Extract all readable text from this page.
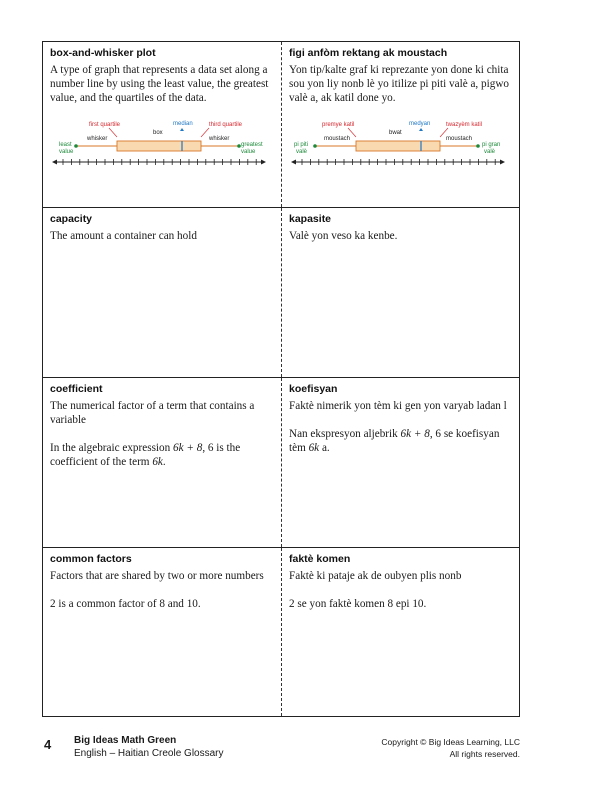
box-and-whisker plot

A type of graph that represents a data set along a number line by using the least value, the greatest value, and the quartiles of the data.

first quartile	median	third quartile
box
whisker	whisker
least
value
greatest
value

figi anfòm rektang ak moustach

Yon tip/kalte graf ki reprezante yon done ki chita sou yon liy nonb lè yo itilize pi piti valè a, pigwo valè a, ak katil done yo.

premye katil	medyan	twazyèm katil
bwat
moustach	moustach
pi piti
valè
pi gran
valè

capacity

The amount a container can hold

kapasite

Valè yon veso ka kenbe.

coefficient

The numerical factor of a term that contains a variable

In the algebraic expression 6k + 8, 6 is the coefficient of the term 6k.

koefisyan

Faktè nimerik yon tèm ki gen yon varyab ladan l

Nan ekspresyon aljebrik 6k + 8, 6 se koefisyan tèm 6k a.

common factors

Factors that are shared by two or more numbers

2 is a common factor of 8 and 10.

faktè komen

Faktè ki pataje ak de oubyen plis nonb

2 se yon faktè komen 8 epi 10.

4 Big Ideas Math Green
English – Haitian Creole Glossary
Copyright © Big Ideas Learning, LLC
All rights reserved.
